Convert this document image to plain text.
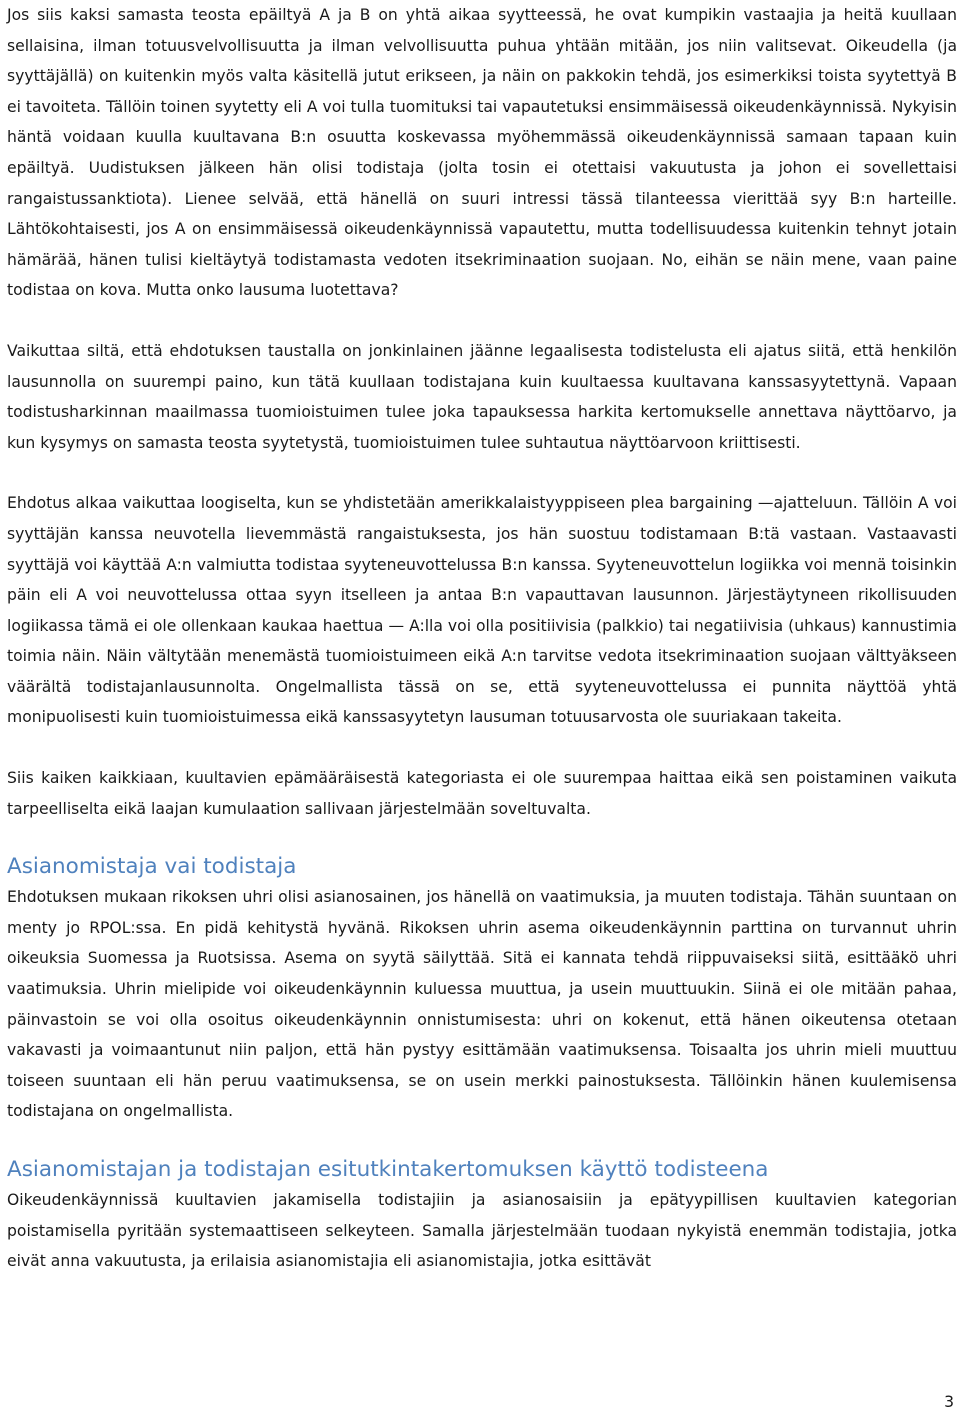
Jos siis kaksi samasta teosta epäiltyä A ja B on yhtä aikaa syytteessä, he ovat kumpikin vastaajia ja heitä kuullaan sellaisina, ilman totuusvelvollisuutta ja ilman velvollisuutta puhua yhtään mitään, jos niin valitsevat. Oikeudella (ja syyttäjällä) on kuitenkin myös valta käsitellä jutut erikseen, ja näin on pakkokin tehdä, jos esimerkiksi toista syytettyä B ei tavoiteta. Tällöin toinen syytetty eli A voi tulla tuomituksi tai vapautetuksi ensimmäisessä oikeudenkäynnissä. Nykyisin häntä voidaan kuulla kuultavana B:n osuutta koskevassa myöhemmässä oikeudenkäynnissä samaan tapaan kuin epäiltyä. Uudistuksen jälkeen hän olisi todistaja (jolta tosin ei otettaisi vakuutusta ja johon ei sovellettaisi rangaistussanktiota). Lienee selvää, että hänellä on suuri intressi tässä tilanteessa vierittää syy B:n harteille. Lähtökohtaisesti, jos A on ensimmäisessä oikeudenkäynnissä vapautettu, mutta todellisuudessa kuitenkin tehnyt jotain hämärää, hänen tulisi kieltäytyä todistamasta vedoten itsekriminaation suojaan. No, eihän se näin mene, vaan paine todistaa on kova. Mutta onko lausuma luotettava?

Vaikuttaa siltä, että ehdotuksen taustalla on jonkinlainen jäänne legaalisesta todistelusta eli ajatus siitä, että henkilön lausunnolla on suurempi paino, kun tätä kuullaan todistajana kuin kuultaessa kuultavana kanssasyytettynä. Vapaan todistusharkinnan maailmassa tuomioistuimen tulee joka tapauksessa harkita kertomukselle annettava näyttöarvo, ja kun kysymys on samasta teosta syytetystä, tuomioistuimen tulee suhtautua näyttöarvoon kriittisesti.

Ehdotus alkaa vaikuttaa loogiselta, kun se yhdistetään amerikkalaistyyppiseen plea bargaining —ajatteluun. Tällöin A voi syyttäjän kanssa neuvotella lievemmästä rangaistuksesta, jos hän suostuu todistamaan B:tä vastaan. Vastaavasti syyttäjä voi käyttää A:n valmiutta todistaa syyteneuvottelussa B:n kanssa. Syyteneuvottelun logiikka voi mennä toisinkin päin eli A voi neuvottelussa ottaa syyn itselleen ja antaa B:n vapauttavan lausunnon. Järjestäytyneen rikollisuuden logiikassa tämä ei ole ollenkaan kaukaa haettua — A:lla voi olla positiivisia (palkkio) tai negatiivisia (uhkaus) kannustimia toimia näin. Näin vältytään menemästä tuomioistuimeen eikä A:n tarvitse vedota itsekriminaation suojaan välttyäkseen väärältä todistajanlausunnolta. Ongelmallista tässä on se, että syyteneuvottelussa ei punnita näyttöä yhtä monipuolisesti kuin tuomioistuimessa eikä kanssasyytetyn lausuman totuusarvosta ole suuriakaan takeita.

Siis kaiken kaikkiaan, kuultavien epämääräisestä kategoriasta ei ole suurempaa haittaa eikä sen poistaminen vaikuta tarpeelliselta eikä laajan kumulaation sallivaan järjestelmään soveltuvalta.

Asianomistaja vai todistaja

Ehdotuksen mukaan rikoksen uhri olisi asianosainen, jos hänellä on vaatimuksia, ja muuten todistaja. Tähän suuntaan on menty jo RPOL:ssa. En pidä kehitystä hyvänä. Rikoksen uhrin asema oikeudenkäynnin parttina on turvannut uhrin oikeuksia Suomessa ja Ruotsissa. Asema on syytä säilyttää. Sitä ei kannata tehdä riippuvaiseksi siitä, esittääkö uhri vaatimuksia. Uhrin mielipide voi oikeudenkäynnin kuluessa muuttua, ja usein muuttuukin. Siinä ei ole mitään pahaa, päinvastoin se voi olla osoitus oikeudenkäynnin onnistumisesta: uhri on kokenut, että hänen oikeutensa otetaan vakavasti ja voimaantunut niin paljon, että hän pystyy esittämään vaatimuksensa. Toisaalta jos uhrin mieli muuttuu toiseen suuntaan eli hän peruu vaatimuksensa, se on usein merkki painostuksesta. Tällöinkin hänen kuulemisensa todistajana on ongelmallista.

Asianomistajan ja todistajan esitutkintakertomuksen käyttö todisteena

Oikeudenkäynnissä kuultavien jakamisella todistajiin ja asianosaisiin ja epätyypillisen kuultavien kategorian poistamisella pyritään systemaattiseen selkeyteen. Samalla järjestelmään tuodaan nykyistä enemmän todistajia, jotka eivät anna vakuutusta, ja erilaisia asianomistajia eli asianomistajia, jotka esittävät

3
